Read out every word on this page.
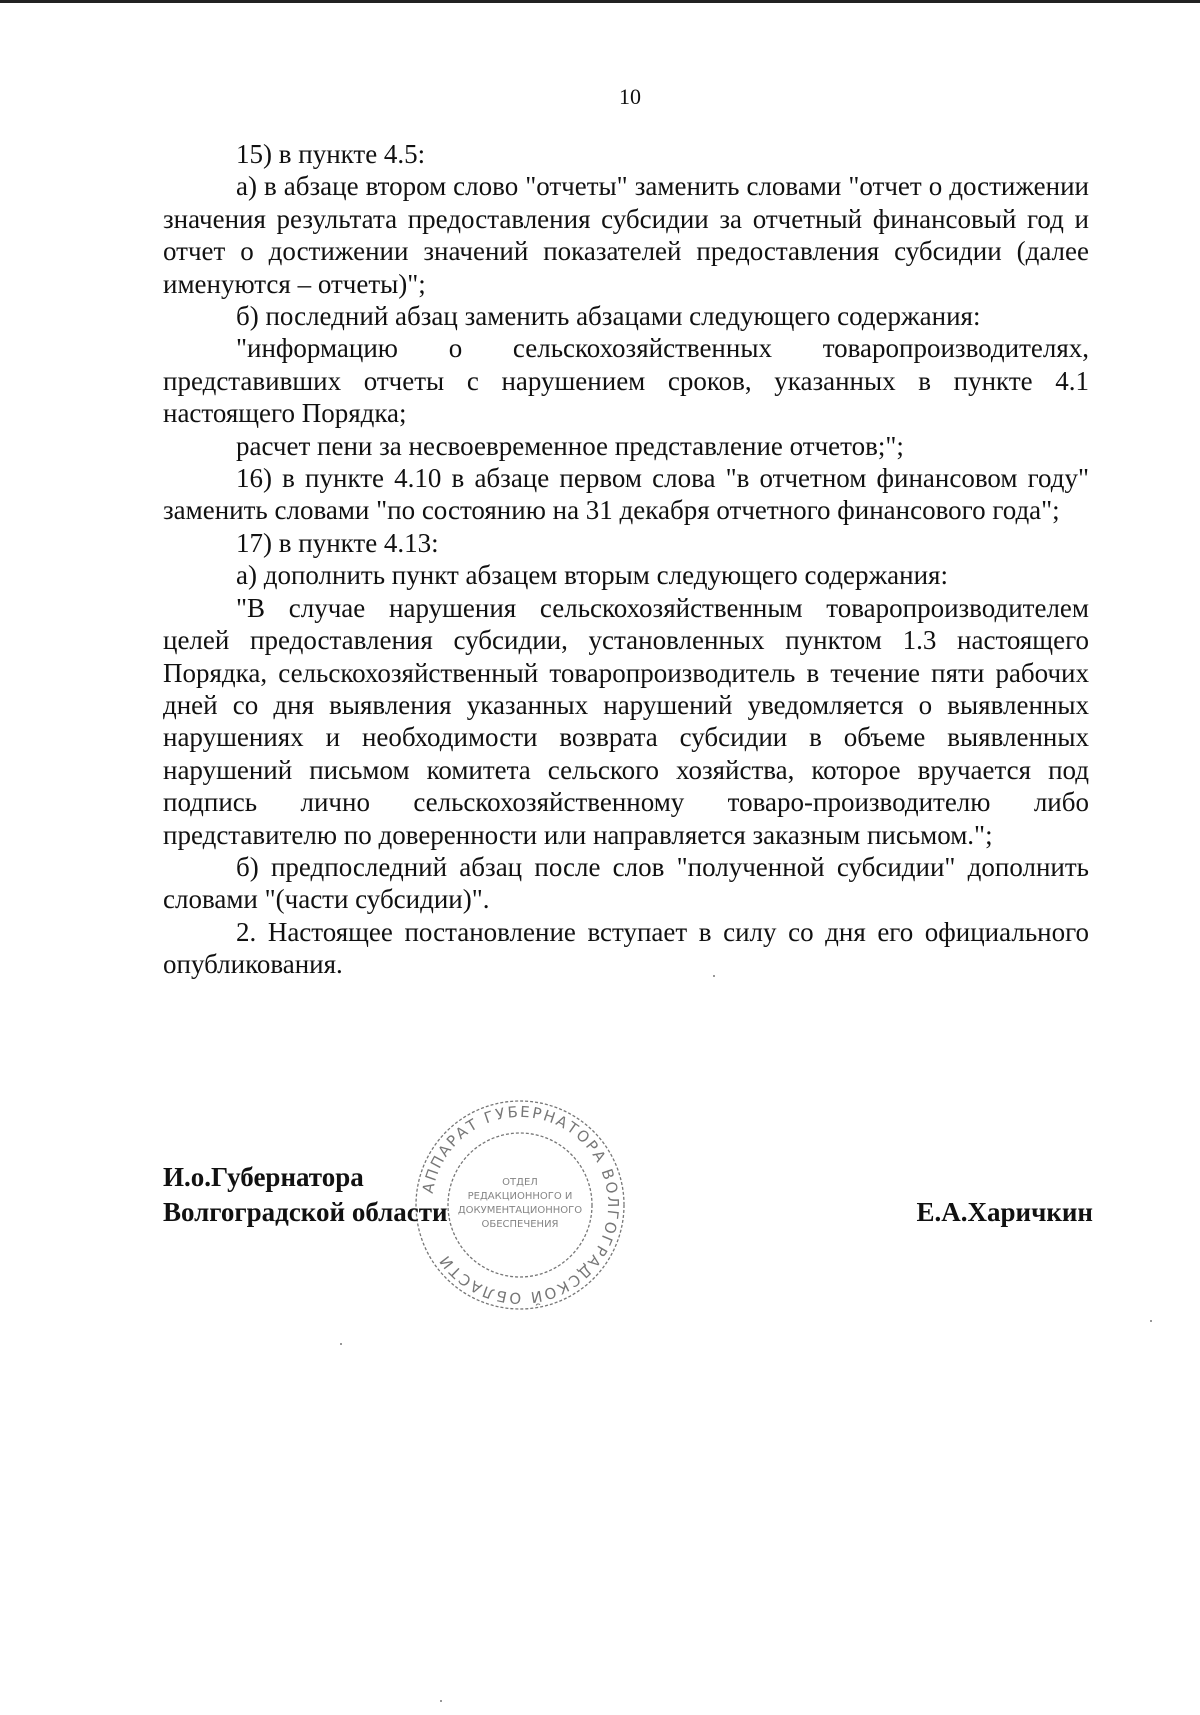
10

15) в пункте 4.5:

а) в абзаце втором слово "отчеты" заменить словами "отчет о достижении значения результата предоставления субсидии за отчетный финансовый год и отчет о достижении значений показателей предоставления субсидии (далее именуются – отчеты)";

б) последний абзац заменить абзацами следующего содержания:

"информацию о сельскохозяйственных товаропроизводителях, представивших отчеты с нарушением сроков, указанных в пункте 4.1 настоящего Порядка;

расчет пени за несвоевременное представление отчетов;";

16) в пункте 4.10 в абзаце первом слова "в отчетном финансовом году" заменить словами "по состоянию на 31 декабря отчетного финансового года";

17) в пункте 4.13:

а) дополнить пункт абзацем вторым следующего содержания:

"В случае нарушения сельскохозяйственным товаропроизводителем целей предоставления субсидии, установленных пунктом 1.3 настоящего Порядка, сельскохозяйственный товаропроизводитель в течение пяти рабочих дней со дня выявления указанных нарушений уведомляется о выявленных нарушениях и необходимости возврата субсидии в объеме выявленных нарушений письмом комитета сельского хозяйства, которое вручается под подпись лично сельскохозяйственному товаро-производителю либо представителю по доверенности или направляется заказным письмом.";

б) предпоследний абзац после слов "полученной субсидии" дополнить словами "(части субсидии)".

2. Настоящее постановление вступает в силу со дня его официального опубликования.

АППАРАТ ГУБЕРНАТОРА ВОЛГОГРАДСКОЙ ОБЛАСТИ
ОТДЕЛ
РЕДАКЦИОННОГО И
ДОКУМЕНТАЦИОННОГО
ОБЕСПЕЧЕНИЯ
И.о.Губернатора
Волгоградской области	Е.А.Харичкин
